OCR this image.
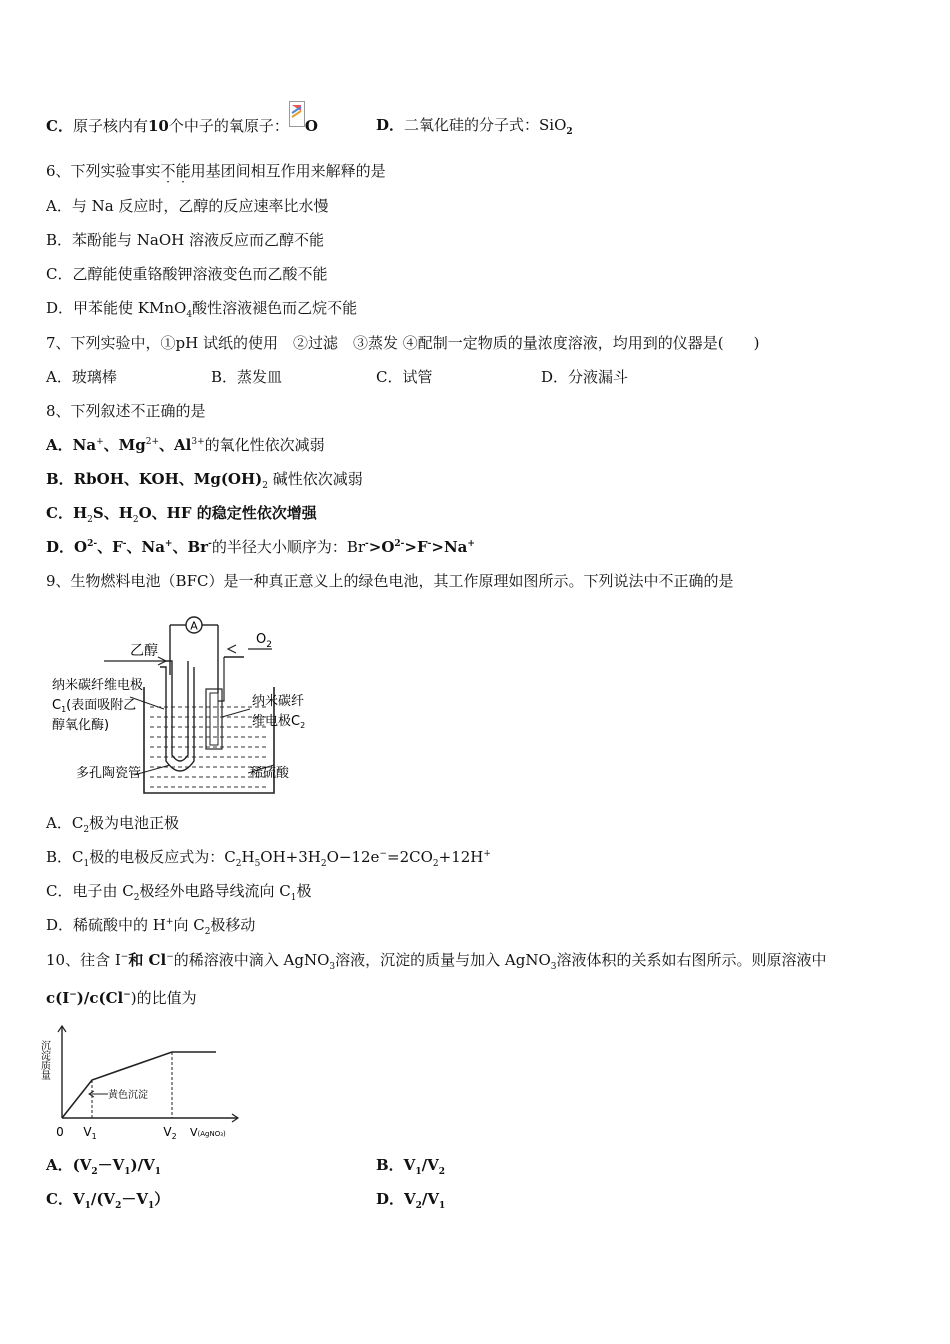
C．原子核内有10个中子的氧原子： O	D．二氧化硅的分子式：SiO$_2$
6、下列实验事实不能用基团间相互作用来解释的是
A．与 Na 反应时，乙醇的反应速率比水慢
B．苯酚能与 NaOH 溶液反应而乙醇不能
C．乙醇能使重铬酸钾溶液变色而乙酸不能
D．甲苯能使 KMnO$_4$酸性溶液褪色而乙烷不能
7、下列实验中，①pH 试纸的使用　②过滤　③蒸发 ④配制一定物质的量浓度溶液，均用到的仪器是(　　)
A．玻璃棒	B．蒸发皿	C．试管	D．分液漏斗
8、下列叙述不正确的是
A．Na+、$Mg^{2+}$、$Al^{3+}$的氧化性依次减弱
B．RbOH、KOH、$Mg(OH)_2$ 碱性依次减弱
C．$H_2S$、$H_2O$、HF 的稳定性依次增强
D．$O^{2-}$、F-、Na+、Br-的半径大小顺序为：$Br^->O^{2-}>F^->Na^+$
9、生物燃料电池（BFC）是一种真正意义上的绿色电池，其工作原理如图所示。下列说法中不正确的是
A
乙醇
$O_2$
纳米碳纤维电极
$C_1$(表面吸附乙
醇氧化酶)
纳米碳纤
维电极$C_2$
多孔陶瓷管	稀硫酸
A．$C_2$极为电池正极
B．$C_1$极的电极反应式为：$C_2H_5OH+3H_2O-12e^-=2CO_2+12H^+$
C．电子由 $C_2$极经外电路导线流向 $C_1$极
D．稀硫酸中的 H+向 $C_2$极移动
10、往含 I−和 Cl−的稀溶液中滴入 AgNO$_3$溶液，沉淀的质量与加入 AgNO$_3$溶液体积的关系如右图所示。则原溶液中
c(I−)/c(Cl−)的比值为
黄色沉淀
沉淀质量
0 $V_1$	$V_2$ V(AgNO₃)
A．$(V_2-V_1)/V_1$	B．$V_1/V_2$
C．$V_1/(V_2-V_1)$	D．$V_2/V_1$
